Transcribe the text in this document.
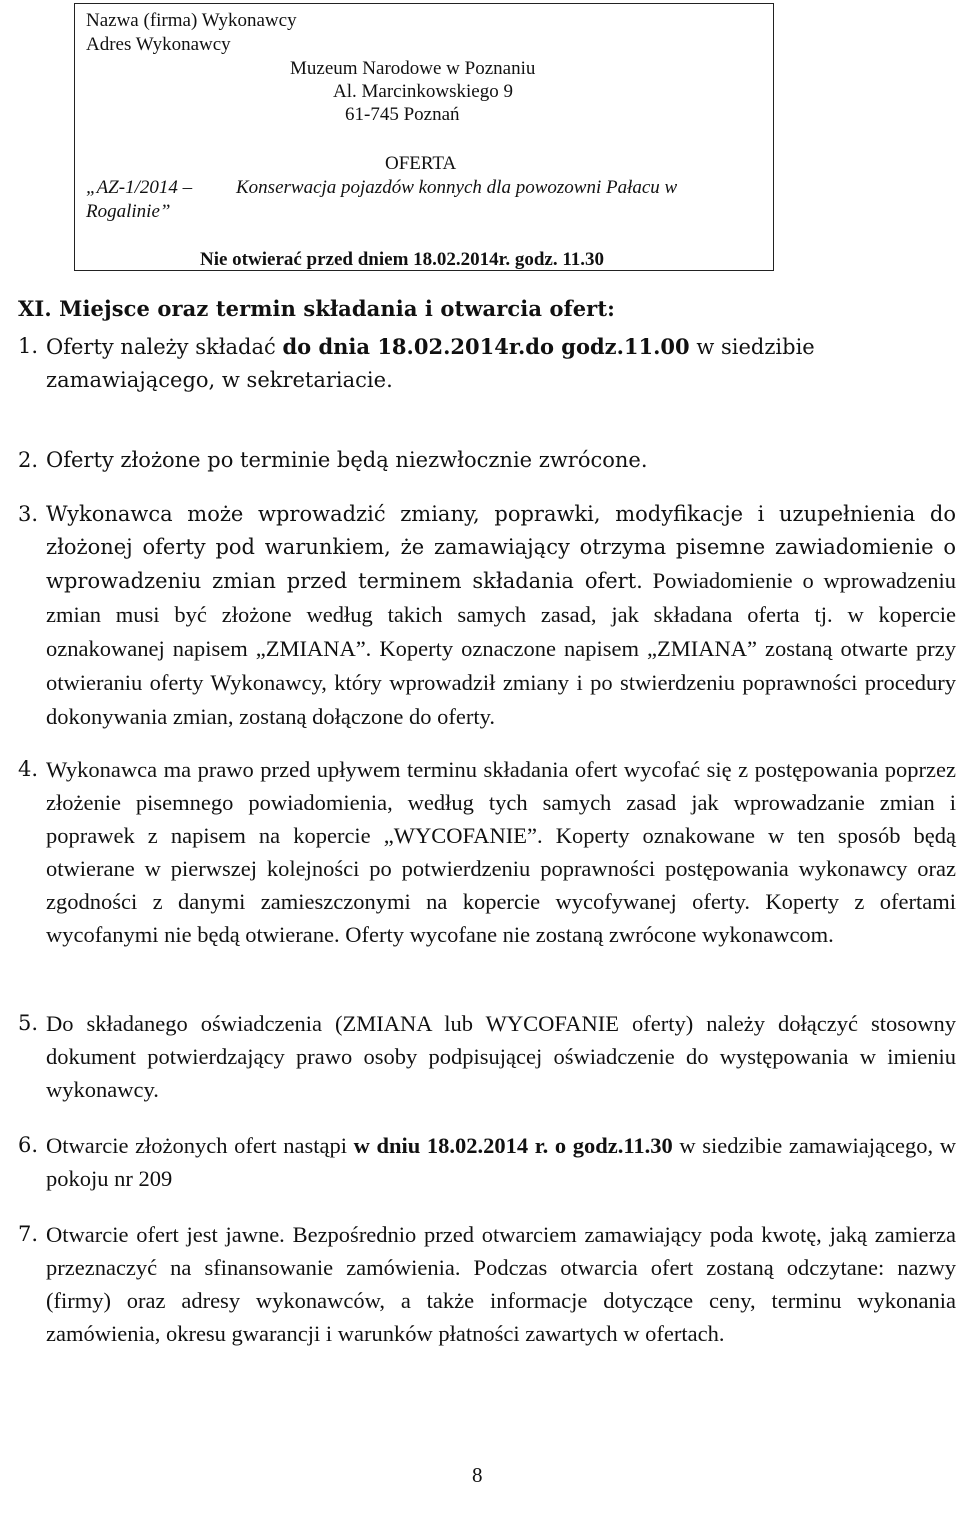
Nazwa (firma) Wykonawcy
Adres Wykonawcy
Muzeum Narodowe w Poznaniu
Al. Marcinkowskiego 9
61-745 Poznań
OFERTA
„AZ-1/2014 – Konserwacja pojazdów konnych dla powozowni Pałacu w
Rogalinie”
Nie otwierać przed dniem 18.02.2014r. godz. 11.30
XI. Miejsce oraz termin składania i otwarcia ofert:
1. Oferty należy składać do dnia 18.02.2014r.do godz.11.00 w siedzibie zamawiającego, w sekretariacie.
2. Oferty złożone po terminie będą niezwłocznie zwrócone.
3. Wykonawca może wprowadzić zmiany, poprawki, modyfikacje i uzupełnienia do złożonej oferty pod warunkiem, że zamawiający otrzyma pisemne zawiadomienie o wprowadzeniu zmian przed terminem składania ofert. Powiadomienie o wprowadzeniu zmian musi być złożone według takich samych zasad, jak składana oferta tj. w kopercie oznakowanej napisem „ZMIANA”. Koperty oznaczone napisem „ZMIANA” zostaną otwarte przy otwieraniu oferty Wykonawcy, który wprowadził zmiany i po stwierdzeniu poprawności procedury dokonywania zmian, zostaną dołączone do oferty.
4. Wykonawca ma prawo przed upływem terminu składania ofert wycofać się z postępowania poprzez złożenie pisemnego powiadomienia, według tych samych zasad jak wprowadzanie zmian i poprawek z napisem na kopercie „WYCOFANIE”. Koperty oznakowane w ten sposób będą otwierane w pierwszej kolejności po potwierdzeniu poprawności postępowania wykonawcy oraz zgodności z danymi zamieszczonymi na kopercie wycofywanej oferty. Koperty z ofertami wycofanymi nie będą otwierane. Oferty wycofane nie zostaną zwrócone wykonawcom.
5. Do składanego oświadczenia (ZMIANA lub WYCOFANIE oferty) należy dołączyć stosowny dokument potwierdzający prawo osoby podpisującej oświadczenie do występowania w imieniu wykonawcy.
6. Otwarcie złożonych ofert nastąpi w dniu 18.02.2014 r. o godz.11.30 w siedzibie zamawiającego, w pokoju nr 209
7. Otwarcie ofert jest jawne. Bezpośrednio przed otwarciem zamawiający poda kwotę, jaką zamierza przeznaczyć na sfinansowanie zamówienia. Podczas otwarcia ofert zostaną odczytane: nazwy (firmy) oraz adresy wykonawców, a także informacje dotyczące ceny, terminu wykonania zamówienia, okresu gwarancji i warunków płatności zawartych w ofertach.
8
